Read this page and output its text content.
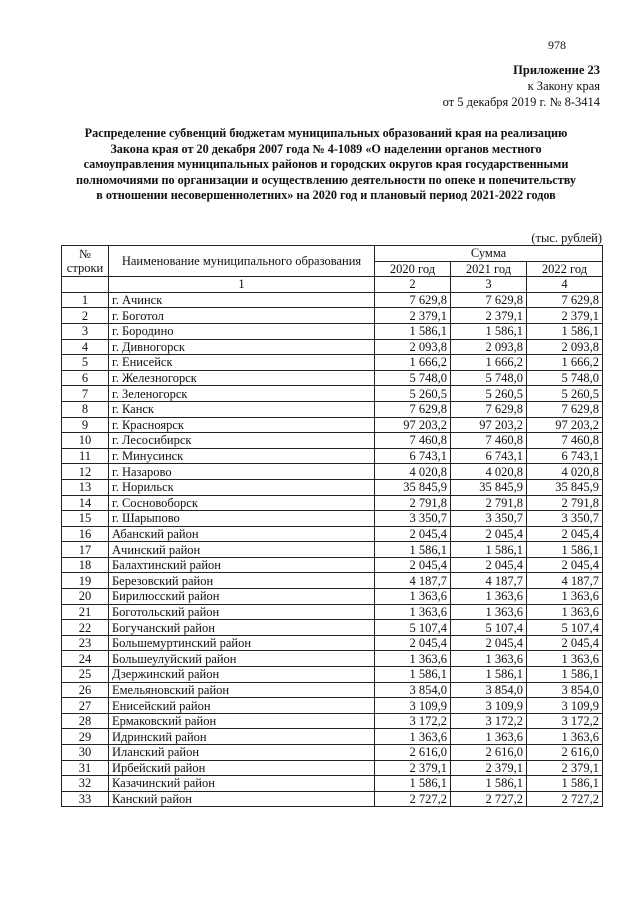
978
Приложение 23
к Закону края
от 5 декабря 2019 г. № 8-3414
Распределение субвенций бюджетам муниципальных образований края на реализацию
Закона края от 20 декабря 2007 года № 4-1089 «О наделении органов местного
самоуправления муниципальных районов и городских округов края государственными
полномочиями по организации и осуществлению деятельности по опеке и попечительству
в отношении несовершеннолетних» на 2020 год и плановый период 2021-2022 годов
(тыс. рублей)
№ строки	Наименование муниципального образования	Сумма		
		2020 год	2021 год	2022 год
	1	2	3	4
1	г. Ачинск	7 629,8	7 629,8	7 629,8
2	г. Боготол	2 379,1	2 379,1	2 379,1
3	г. Бородино	1 586,1	1 586,1	1 586,1
4	г. Дивногорск	2 093,8	2 093,8	2 093,8
5	г. Енисейск	1 666,2	1 666,2	1 666,2
6	г. Железногорск	5 748,0	5 748,0	5 748,0
7	г. Зеленогорск	5 260,5	5 260,5	5 260,5
8	г. Канск	7 629,8	7 629,8	7 629,8
9	г. Красноярск	97 203,2	97 203,2	97 203,2
10	г. Лесосибирск	7 460,8	7 460,8	7 460,8
11	г. Минусинск	6 743,1	6 743,1	6 743,1
12	г. Назарово	4 020,8	4 020,8	4 020,8
13	г. Норильск	35 845,9	35 845,9	35 845,9
14	г. Сосновоборск	2 791,8	2 791,8	2 791,8
15	г. Шарыпово	3 350,7	3 350,7	3 350,7
16	Абанский район	2 045,4	2 045,4	2 045,4
17	Ачинский район	1 586,1	1 586,1	1 586,1
18	Балахтинский район	2 045,4	2 045,4	2 045,4
19	Березовский район	4 187,7	4 187,7	4 187,7
20	Бирилюсский район	1 363,6	1 363,6	1 363,6
21	Боготольский район	1 363,6	1 363,6	1 363,6
22	Богучанский район	5 107,4	5 107,4	5 107,4
23	Большемуртинский район	2 045,4	2 045,4	2 045,4
24	Большеулуйский район	1 363,6	1 363,6	1 363,6
25	Дзержинский район	1 586,1	1 586,1	1 586,1
26	Емельяновский район	3 854,0	3 854,0	3 854,0
27	Енисейский район	3 109,9	3 109,9	3 109,9
28	Ермаковский район	3 172,2	3 172,2	3 172,2
29	Идринский район	1 363,6	1 363,6	1 363,6
30	Иланский район	2 616,0	2 616,0	2 616,0
31	Ирбейский район	2 379,1	2 379,1	2 379,1
32	Казачинский район	1 586,1	1 586,1	1 586,1
33	Канский район	2 727,2	2 727,2	2 727,2
